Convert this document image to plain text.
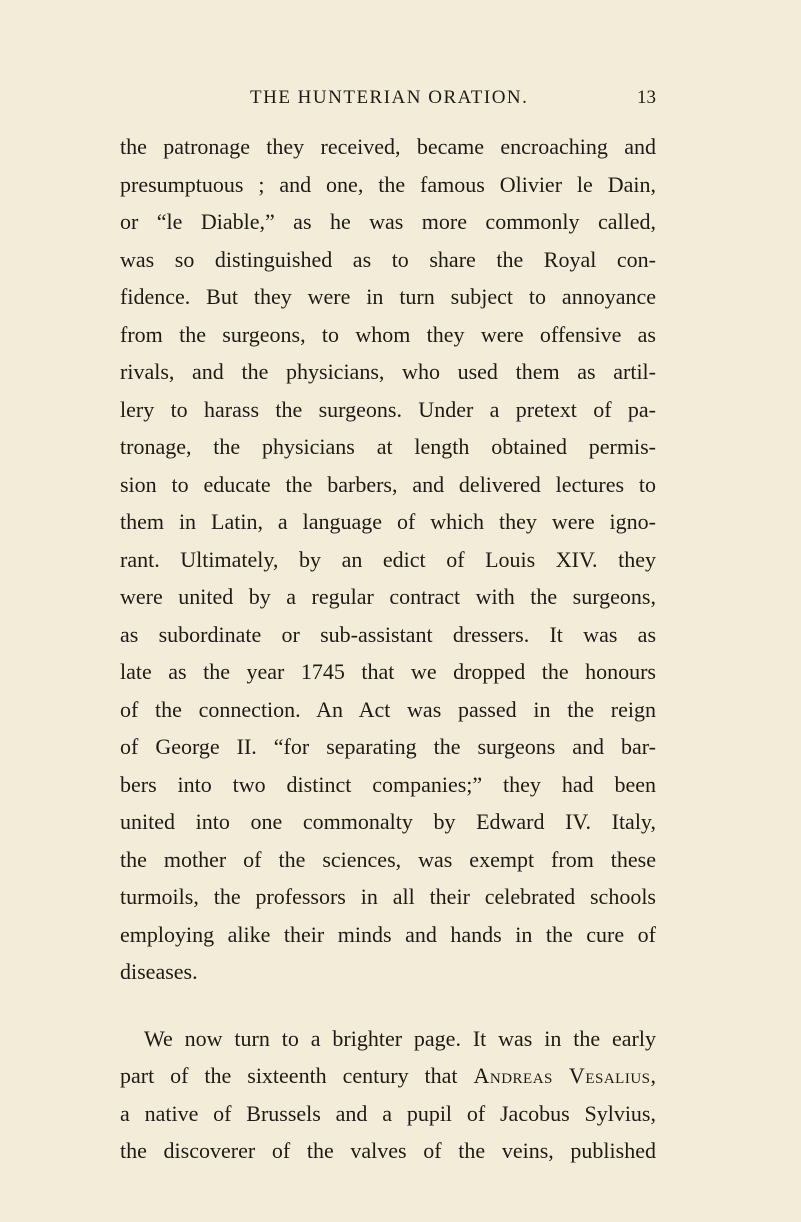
THE HUNTERIAN ORATION.	13
the patronage they received, became encroaching and
presumptuous ; and one, the famous Olivier le Dain,
or “le Diable,” as he was more commonly called,
was so distinguished as to share the Royal con-
fidence. But they were in turn subject to annoyance
from the surgeons, to whom they were offensive as
rivals, and the physicians, who used them as artil-
lery to harass the surgeons. Under a pretext of pa-
tronage, the physicians at length obtained permis-
sion to educate the barbers, and delivered lectures to
them in Latin, a language of which they were igno-
rant. Ultimately, by an edict of Louis XIV. they
were united by a regular contract with the surgeons,
as subordinate or sub-assistant dressers. It was as
late as the year 1745 that we dropped the honours
of the connection. An Act was passed in the reign
of George II. “for separating the surgeons and bar-
bers into two distinct companies;” they had been
united into one commonalty by Edward IV. Italy,
the mother of the sciences, was exempt from these
turmoils, the professors in all their celebrated schools
employing alike their minds and hands in the cure of
diseases.
We now turn to a brighter page. It was in the early
part of the sixteenth century that Andreas Vesalius,
a native of Brussels and a pupil of Jacobus Sylvius,
the discoverer of the valves of the veins, published
